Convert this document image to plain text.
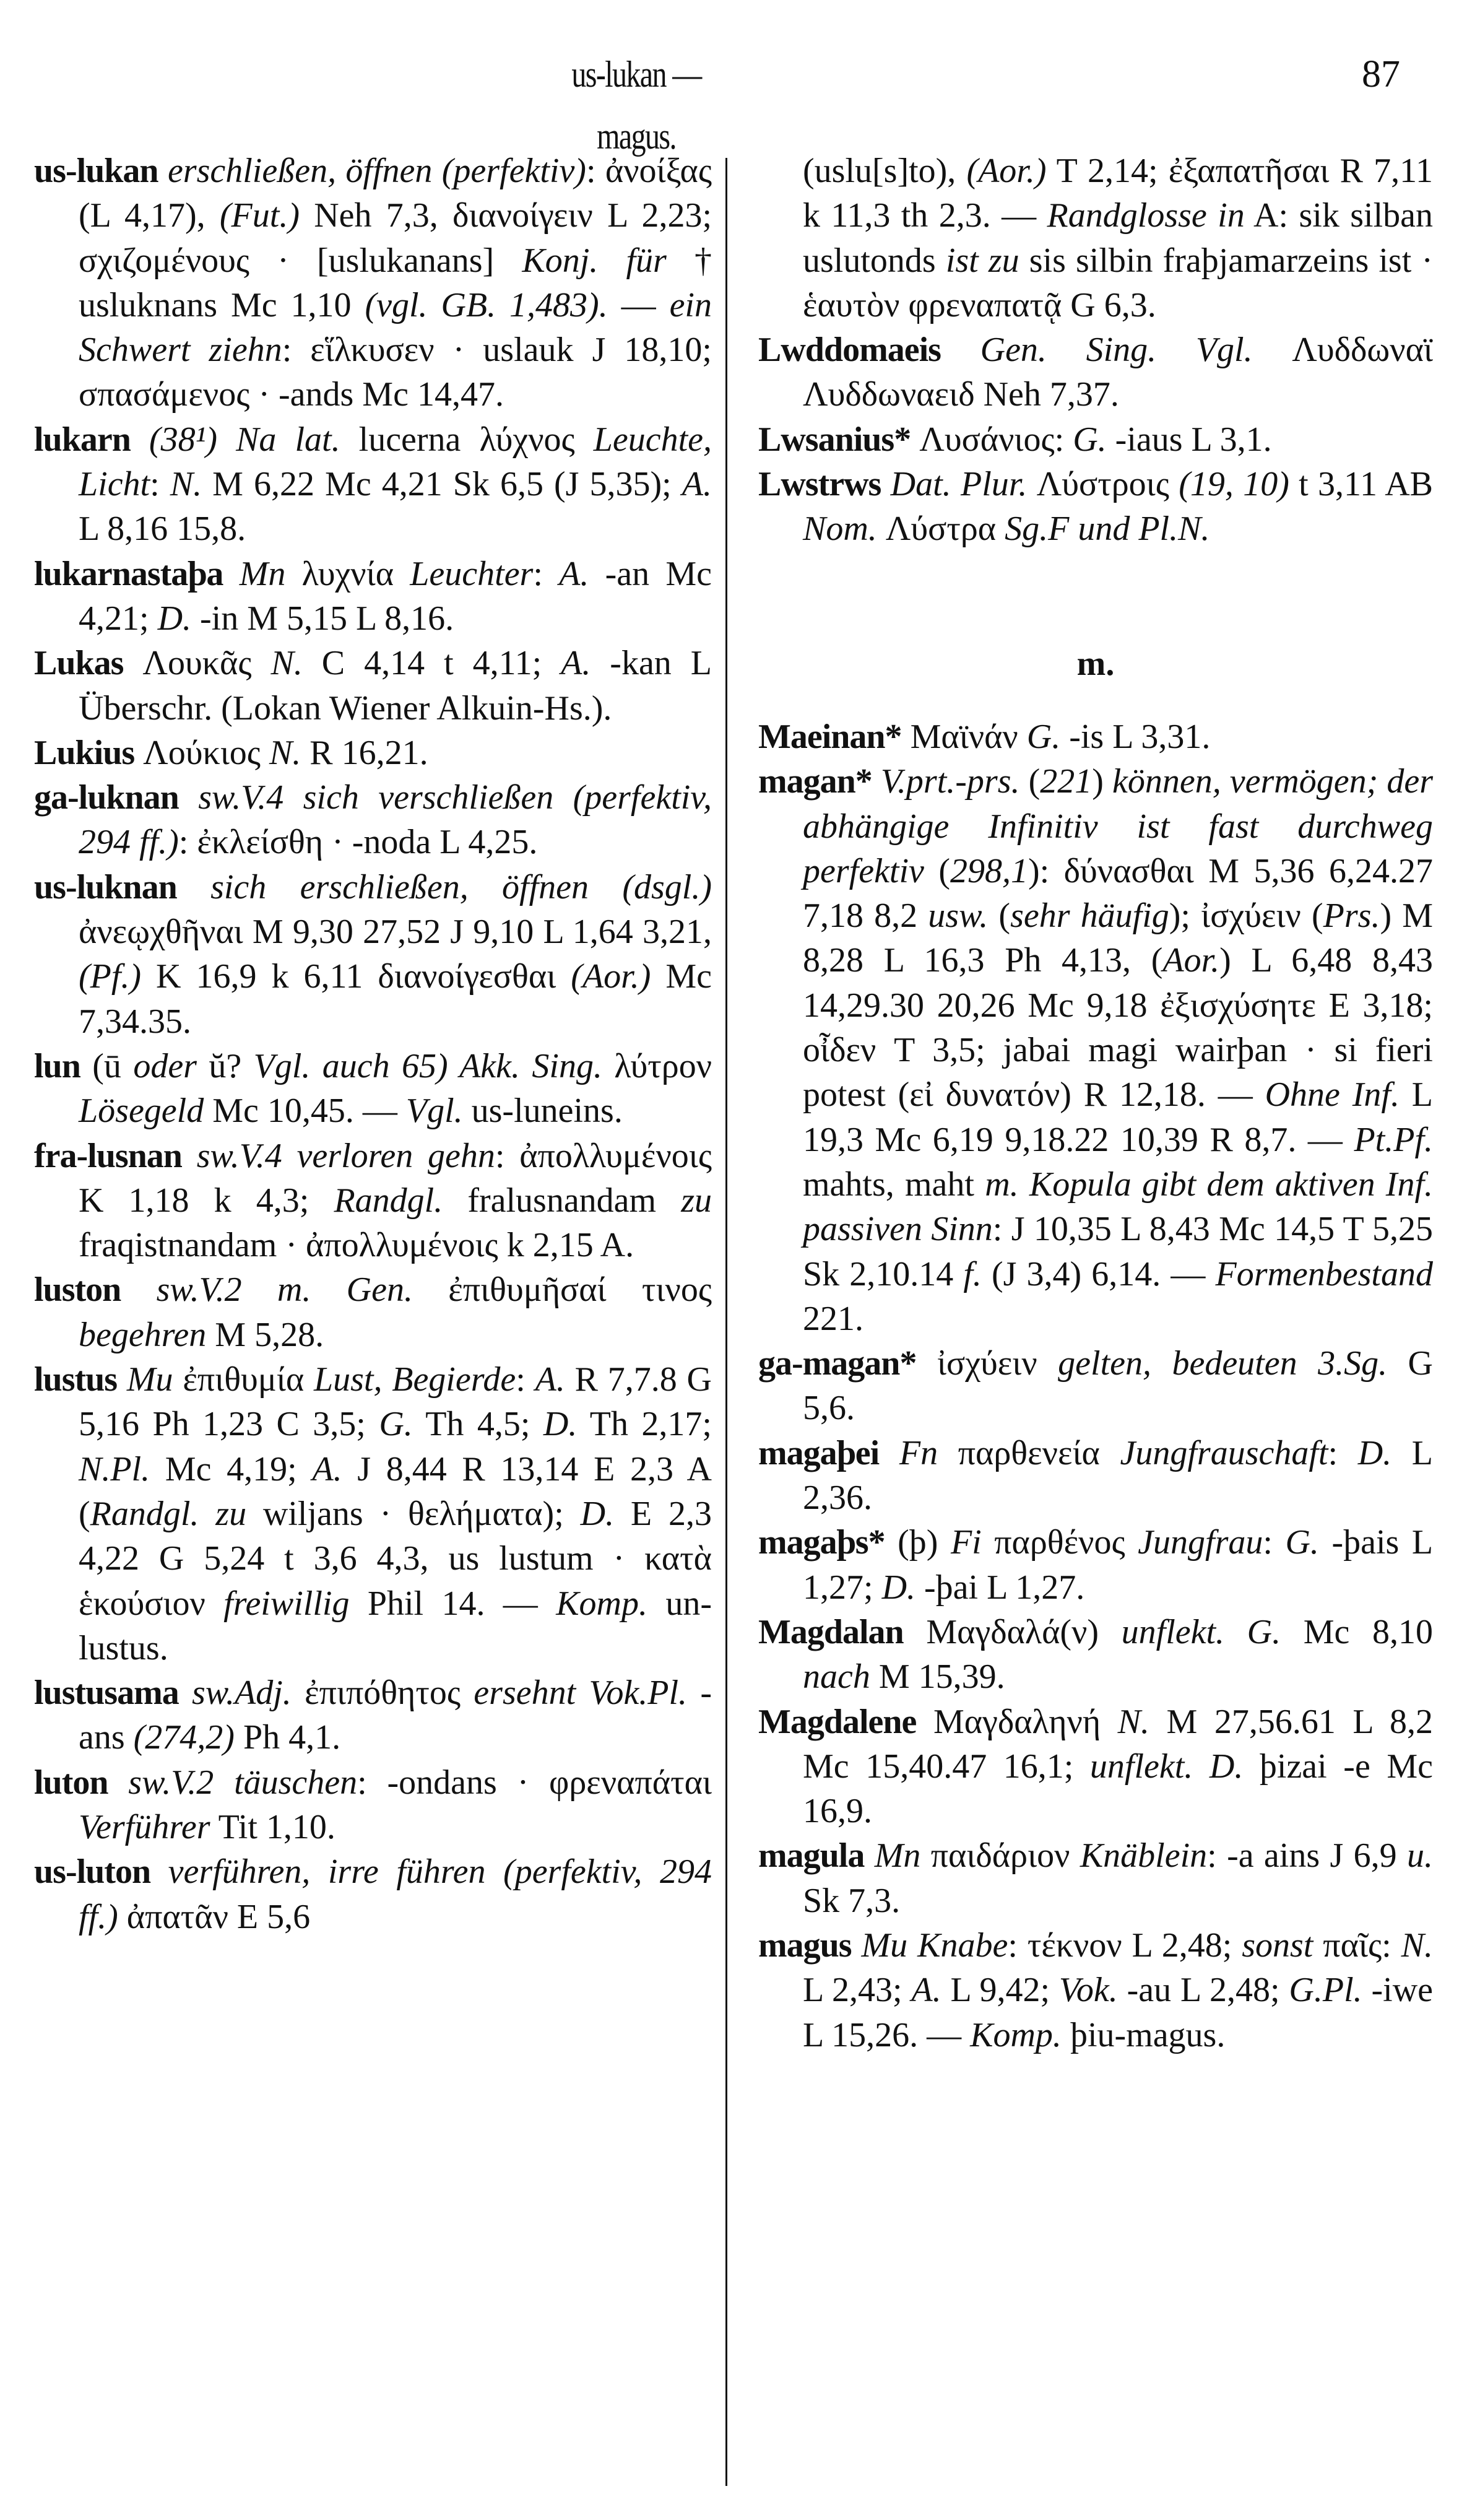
us-lukan — magus.
87

us-lukan erschließen, öffnen (perfektiv): ἀνοίξας (L 4,17), (Fut.) Neh 7,3, διανοίγειν L 2,23; σχιζομένους · [uslukanans] Konj. für † usluknans Mc 1,10 (vgl. GB. 1,483). — ein Schwert ziehn: εἵλκυσεν · uslauk J 18,10; σπασάμενος · -ands Mc 14,47.

lukarn (38¹) Na lat. lucerna λύχνος Leuchte, Licht: N. M 6,22 Mc 4,21 Sk 6,5 (J 5,35); A. L 8,16 15,8.

lukarnastaþa Mn λυχνία Leuchter: A. -an Mc 4,21; D. -in M 5,15 L 8,16.

Lukas Λουκᾶς N. C 4,14 t 4,11; A. -kan L Überschr. (Lokan Wiener Alkuin-Hs.).

Lukius Λούκιος N. R 16,21.

ga-luknan sw.V.4 sich verschließen (perfektiv, 294 ff.): ἐκλείσθη · -noda L 4,25.

us-luknan sich erschließen, öffnen (dsgl.) ἀνεῳχθῆναι M 9,30 27,52 J 9,10 L 1,64 3,21, (Pf.) K 16,9 k 6,11 διανοίγεσθαι (Aor.) Mc 7,34.35.

lun (ū oder ŭ? Vgl. auch 65) Akk. Sing. λύτρον Lösegeld Mc 10,45. — Vgl. us-luneins.

fra-lusnan sw.V.4 verloren gehn: ἀπολλυμένοις K 1,18 k 4,3; Randgl. fralusnandam zu fraqistnandam · ἀπολλυμένοις k 2,15 A.

luston sw.V.2 m. Gen. ἐπιθυμῆσαί τινος begehren M 5,28.

lustus Mu ἐπιθυμία Lust, Begierde: A. R 7,7.8 G 5,16 Ph 1,23 C 3,5; G. Th 4,5; D. Th 2,17; N.Pl. Mc 4,19; A. J 8,44 R 13,14 E 2,3 A (Randgl. zu wiljans · θελήματα); D. E 2,3 4,22 G 5,24 t 3,6 4,3, us lustum · κατὰ ἑκούσιον freiwillig Phil 14. — Komp. un-lustus.

lustusama sw.Adj. ἐπιπόθητος ersehnt Vok.Pl. -ans (274,2) Ph 4,1.

luton sw.V.2 täuschen: -ondans · φρεναπάται Verführer Tit 1,10.

us-luton verführen, irre führen (perfektiv, 294 ff.) ἀπατᾶν E 5,6

(uslu[s]to), (Aor.) T 2,14; ἐξαπατῆσαι R 7,11 k 11,3 th 2,3. — Randglosse in A: sik silban uslutonds ist zu sis silbin fraþjamarzeins ist · ἑαυτὸν φρεναπατᾷ G 6,3.

Lwddomaeis Gen. Sing. Vgl. Λυδδωναϊ Λυδδωναειδ Neh 7,37.

Lwsanius* Λυσάνιος: G. -iaus L 3,1.

Lwstrws Dat. Plur. Λύστροις (19, 10) t 3,11 AB Nom. Λύστρα Sg.F und Pl.N.

m.

Maeinan* Μαϊνάν G. -is L 3,31.

magan* V.prt.-prs. (221) können, vermögen; der abhängige Infinitiv ist fast durchweg perfektiv (298,1): δύνασθαι M 5,36 6,24.27 7,18 8,2 usw. (sehr häufig); ἰσχύειν (Prs.) M 8,28 L 16,3 Ph 4,13, (Aor.) L 6,48 8,43 14,29.30 20,26 Mc 9,18 ἐξισχύσητε E 3,18; οἶδεν T 3,5; jabai magi wairþan · si fieri potest (εἰ δυνατόν) R 12,18. — Ohne Inf. L 19,3 Mc 6,19 9,18.22 10,39 R 8,7. — Pt.Pf. mahts, maht m. Kopula gibt dem aktiven Inf. passiven Sinn: J 10,35 L 8,43 Mc 14,5 T 5,25 Sk 2,10.14 f. (J 3,4) 6,14. — Formenbestand 221.

ga-magan* ἰσχύειν gelten, bedeuten 3.Sg. G 5,6.

magaþei Fn παρθενεία Jungfrauschaft: D. L 2,36.

magaþs* (þ) Fi παρθένος Jungfrau: G. -þais L 1,27; D. -þai L 1,27.

Magdalan Μαγδαλά(ν) unflekt. G. Mc 8,10 nach M 15,39.

Magdalene Μαγδαληνή N. M 27,56.61 L 8,2 Mc 15,40.47 16,1; unflekt. D. þizai -e Mc 16,9.

magula Mn παιδάριον Knäblein: -a ains J 6,9 u. Sk 7,3.

magus Mu Knabe: τέκνον L 2,48; sonst παῖς: N. L 2,43; A. L 9,42; Vok. -au L 2,48; G.Pl. -iwe L 15,26. — Komp. þiu-magus.
